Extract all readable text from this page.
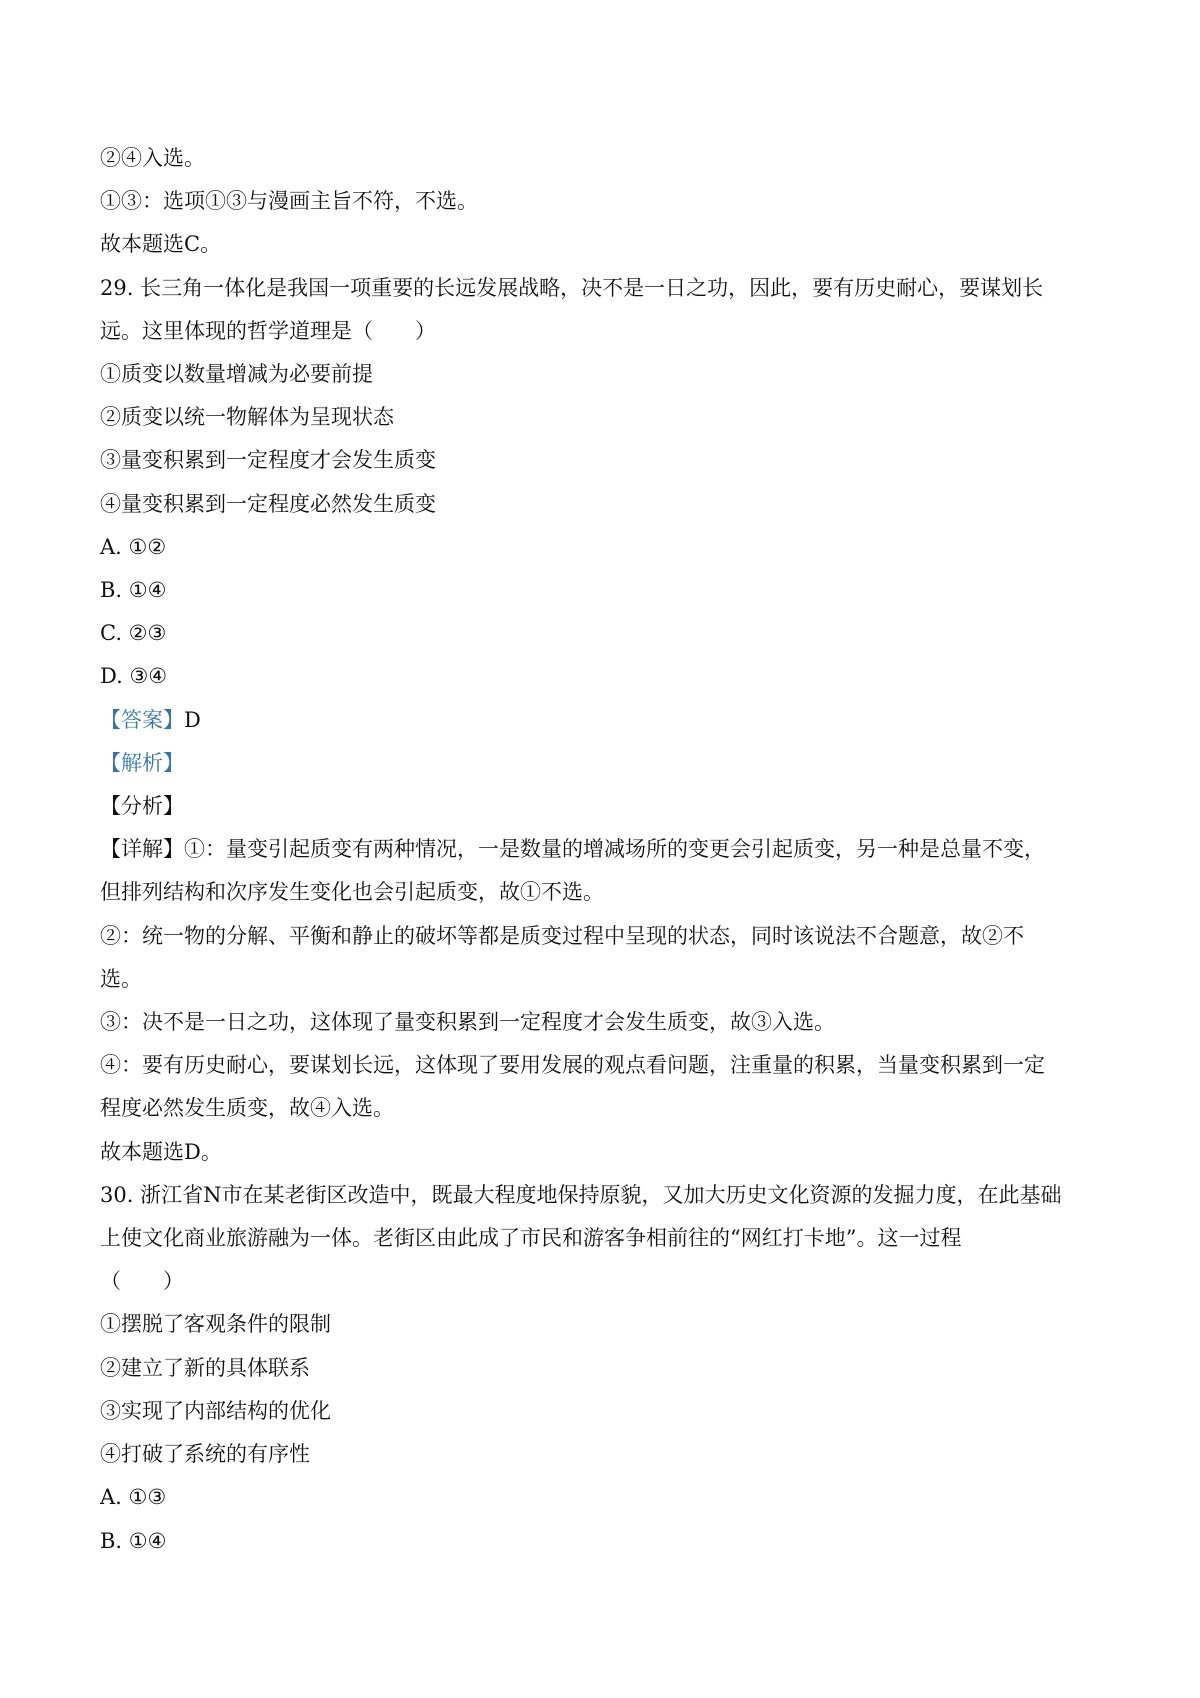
②④入选。
①③：选项①③与漫画主旨不符，不选。
故本题选C。
29. 长三角一体化是我国一项重要的长远发展战略，决不是一日之功，因此，要有历史耐心，要谋划长
远。这里体现的哲学道理是（　　）
①质变以数量增减为必要前提
②质变以统一物解体为呈现状态
③量变积累到一定程度才会发生质变
④量变积累到一定程度必然发生质变
A. ①②
B. ①④
C. ②③
D. ③④
【答案】D
【解析】
【分析】
【详解】①：量变引起质变有两种情况，一是数量的增减场所的变更会引起质变，另一种是总量不变，
但排列结构和次序发生变化也会引起质变，故①不选。
②：统一物的分解、平衡和静止的破坏等都是质变过程中呈现的状态，同时该说法不合题意，故②不
选。
③：决不是一日之功，这体现了量变积累到一定程度才会发生质变，故③入选。
④：要有历史耐心，要谋划长远，这体现了要用发展的观点看问题，注重量的积累，当量变积累到一定
程度必然发生质变，故④入选。
故本题选D。
30. 浙江省N市在某老街区改造中，既最大程度地保持原貌，又加大历史文化资源的发掘力度，在此基础
上使文化商业旅游融为一体。老街区由此成了市民和游客争相前往的“网红打卡地”。这一过程
（　　）
①摆脱了客观条件的限制
②建立了新的具体联系
③实现了内部结构的优化
④打破了系统的有序性
A. ①③
B. ①④
